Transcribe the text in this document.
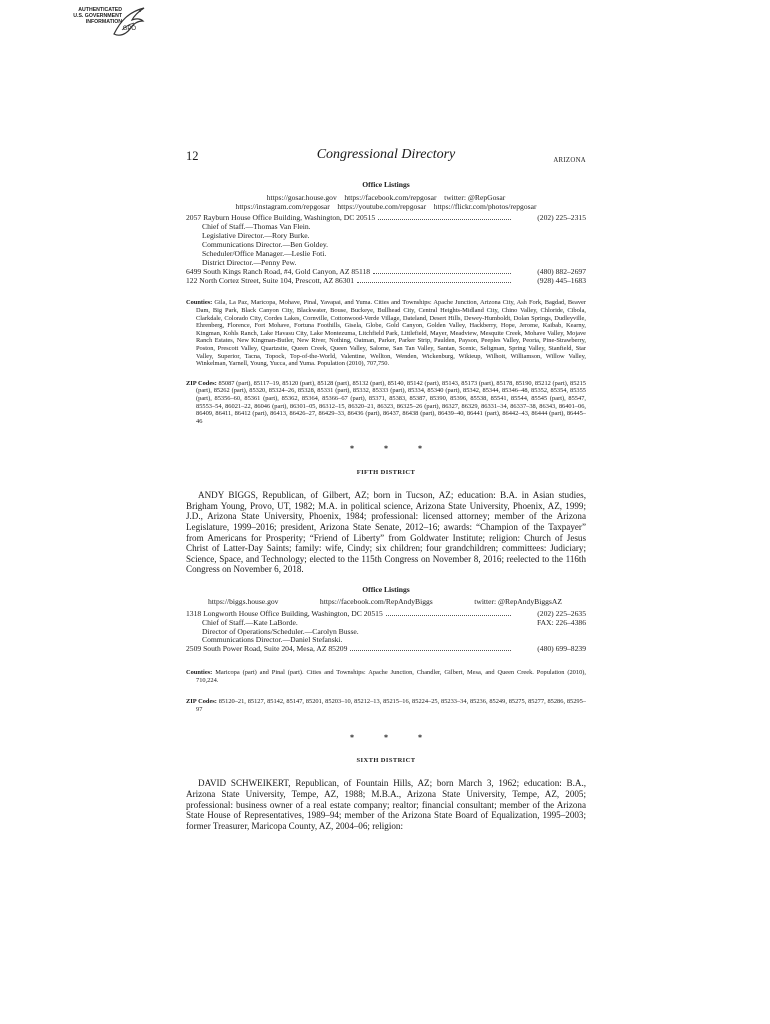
AUTHENTICATED
U.S. GOVERNMENT
INFORMATION
GPO
12	Congressional Directory	ARIZONA
Office Listings
https://gosar.house.gov    https://facebook.com/repgosar    twitter: @RepGosar
https://instagram.com/repgosar    https://youtube.com/repgosar    https://flickr.com/photos/repgosar
2057 Rayburn House Office Building, Washington, DC 20515	(202) 225–2315
Chief of Staff.—Thomas Van Flein.
Legislative Director.—Rory Burke.
Communications Director.—Ben Goldey.
Scheduler/Office Manager.—Leslie Foti.
District Director.—Penny Pew.
6499 South Kings Ranch Road, #4, Gold Canyon, AZ 85118	(480) 882–2697
122 North Cortez Street, Suite 104, Prescott, AZ 86301	(928) 445–1683
Counties: Gila, La Paz, Maricopa, Mohave, Pinal, Yavapai, and Yuma. Cities and Townships: Apache Junction, Arizona City, Ash Fork, Bagdad, Beaver Dam, Big Park, Black Canyon City, Blackwater, Bouse, Buckeye, Bullhead City, Central Heights-Midland City, Chino Valley, Chloride, Cibola, Clarkdale, Colorado City, Cordes Lakes, Cornville, Cottonwood-Verde Village, Dateland, Desert Hills, Dewey-Humboldt, Dolan Springs, Dudleyville, Ehrenberg, Florence, Fort Mohave, Fortuna Foothills, Gisela, Globe, Gold Canyon, Golden Valley, Hackberry, Hope, Jerome, Kaibab, Kearny, Kingman, Kohls Ranch, Lake Havasu City, Lake Montezuma, Litchfield Park, Littlefield, Mayer, Meadview, Mesquite Creek, Mohave Valley, Mojave Ranch Estates, New Kingman-Butler, New River, Nothing, Oatman, Parker, Parker Strip, Paulden, Payson, Peeples Valley, Peoria, Pine-Strawberry, Poston, Prescott Valley, Quartzsite, Queen Creek, Queen Valley, Salome, San Tan Valley, Santan, Scenic, Seligman, Spring Valley, Stanfield, Star Valley, Superior, Tacna, Topock, Top-of-the-World, Valentine, Wellton, Wenden, Wickenburg, Wikieup, Wilhoit, Williamson, Willow Valley, Winkelman, Yarnell, Young, Yucca, and Yuma. Population (2010), 707,750.
ZIP Codes: 85087 (part), 85117–19, 85120 (part), 85128 (part), 85132 (part), 85140, 85142 (part), 85143, 85173 (part), 85178, 85190, 85212 (part), 85215 (part), 85262 (part), 85320, 85324–26, 85328, 85331 (part), 85332, 85333 (part), 85334, 85340 (part), 85342, 85344, 85346–48, 85352, 85354, 85355 (part), 85356–60, 85361 (part), 85362, 85364, 85366–67 (part), 85371, 85383, 85387, 85390, 85396, 85538, 85541, 85544, 85545 (part), 85547, 85553–54, 86021–22, 86046 (part), 86301–05, 86312–15, 86320–21, 86323, 86325–26 (part), 86327, 86329, 86331–34, 86337–38, 86343, 86401–06, 86409, 86411, 86412 (part), 86413, 86426–27, 86429–33, 86436 (part), 86437, 86438 (part), 86439–40, 86441 (part), 86442–43, 86444 (part), 86445–46
* * *
FIFTH DISTRICT
ANDY BIGGS, Republican, of Gilbert, AZ; born in Tucson, AZ; education: B.A. in Asian studies, Brigham Young, Provo, UT, 1982; M.A. in political science, Arizona State University, Phoenix, AZ, 1999; J.D., Arizona State University, Phoenix, 1984; professional: licensed attorney; member of the Arizona Legislature, 1999–2016; president, Arizona State Senate, 2012–16; awards: “Champion of the Taxpayer” from Americans for Prosperity; “Friend of Liberty” from Goldwater Institute; religion: Church of Jesus Christ of Latter-Day Saints; family: wife, Cindy; six children; four grandchildren; committees: Judiciary; Science, Space, and Technology; elected to the 115th Congress on November 8, 2016; reelected to the 116th Congress on November 6, 2018.
Office Listings
https://biggs.house.gov	https://facebook.com/RepAndyBiggs	twitter: @RepAndyBiggsAZ
1318 Longworth House Office Building, Washington, DC 20515	(202) 225–2635
Chief of Staff.—Kate LaBorde.	FAX: 226–4386
Director of Operations/Scheduler.—Carolyn Busse.
Communications Director.—Daniel Stefanski.
2509 South Power Road, Suite 204, Mesa, AZ 85209	(480) 699–8239
Counties: Maricopa (part) and Pinal (part). Cities and Townships: Apache Junction, Chandler, Gilbert, Mesa, and Queen Creek. Population (2010), 710,224.
ZIP Codes: 85120–21, 85127, 85142, 85147, 85201, 85203–10, 85212–13, 85215–16, 85224–25, 85233–34, 85236, 85249, 85275, 85277, 85286, 85295–97
* * *
SIXTH DISTRICT
DAVID SCHWEIKERT, Republican, of Fountain Hills, AZ; born March 3, 1962; education: B.A., Arizona State University, Tempe, AZ, 1988; M.B.A., Arizona State University, Tempe, AZ, 2005; professional: business owner of a real estate company; realtor; financial consultant; member of the Arizona State House of Representatives, 1989–94; member of the Arizona State Board of Equalization, 1995–2003; former Treasurer, Maricopa County, AZ, 2004–06; religion:
